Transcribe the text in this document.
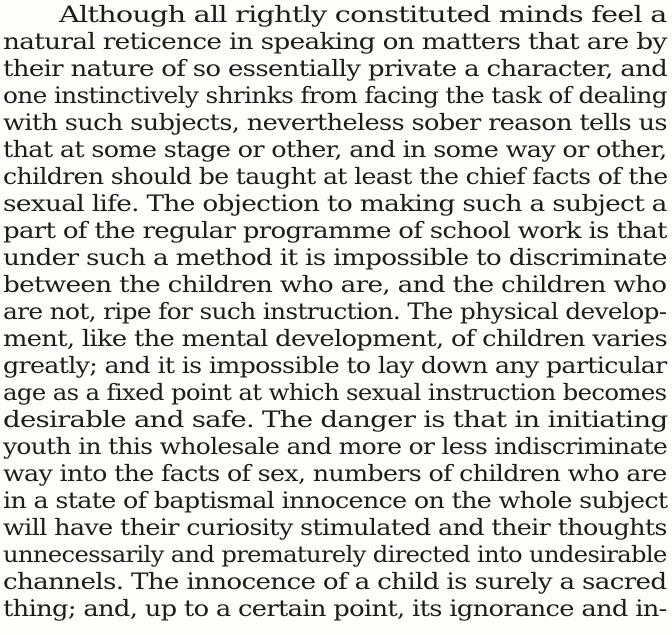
Although all rightly constituted minds feel a
natural reticence in speaking on matters that are by
their nature of so essentially private a character, and
one instinctively shrinks from facing the task of dealing
with such subjects, nevertheless sober reason tells us
that at some stage or other, and in some way or other,
children should be taught at least the chief facts of the
sexual life. The objection to making such a subject a
part of the regular programme of school work is that
under such a method it is impossible to discriminate
between the children who are, and the children who
are not, ripe for such instruction. The physical develop-
ment, like the mental development, of children varies
greatly; and it is impossible to lay down any particular
age as a fixed point at which sexual instruction becomes
desirable and safe. The danger is that in initiating
youth in this wholesale and more or less indiscriminate
way into the facts of sex, numbers of children who are
in a state of baptismal innocence on the whole subject
will have their curiosity stimulated and their thoughts
unnecessarily and prematurely directed into undesirable
channels. The innocence of a child is surely a sacred
thing; and, up to a certain point, its ignorance and in-
